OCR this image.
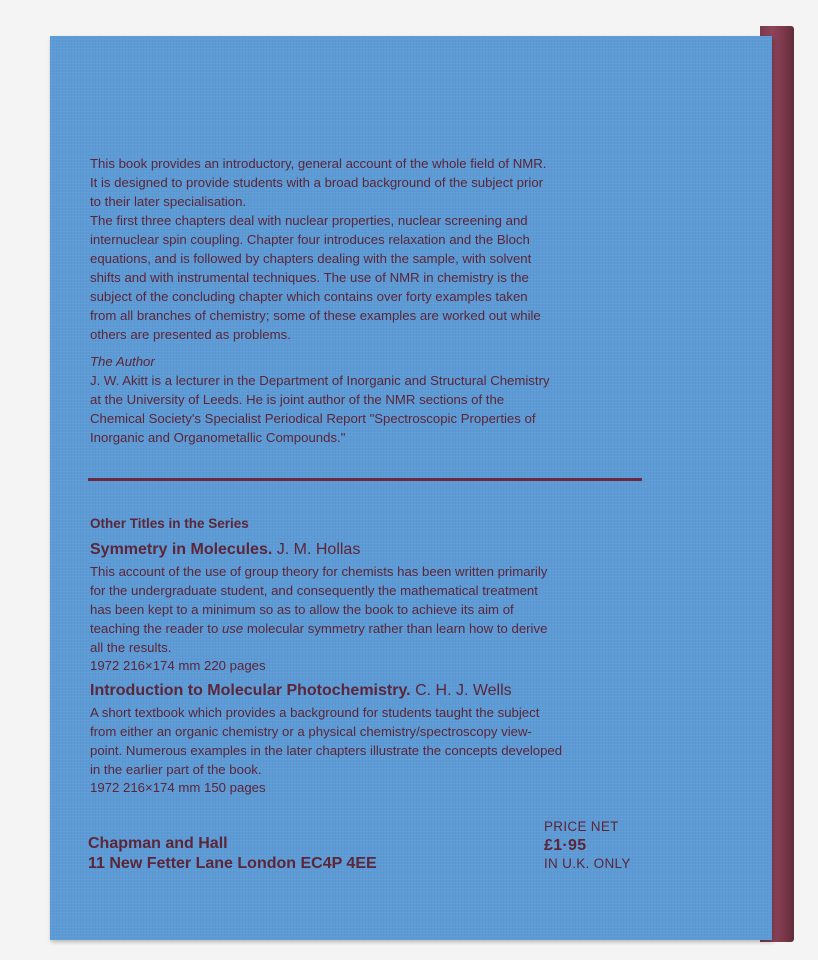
This book provides an introductory, general account of the whole field of NMR.
It is designed to provide students with a broad background of the subject prior
to their later specialisation.
The first three chapters deal with nuclear properties, nuclear screening and
internuclear spin coupling. Chapter four introduces relaxation and the Bloch
equations, and is followed by chapters dealing with the sample, with solvent
shifts and with instrumental techniques. The use of NMR in chemistry is the
subject of the concluding chapter which contains over forty examples taken
from all branches of chemistry; some of these examples are worked out while
others are presented as problems.
The Author
J. W. Akitt is a lecturer in the Department of Inorganic and Structural Chemistry
at the University of Leeds. He is joint author of the NMR sections of the
Chemical Society's Specialist Periodical Report "Spectroscopic Properties of
Inorganic and Organometallic Compounds."
Other Titles in the Series
Symmetry in Molecules. J. M. Hollas
This account of the use of group theory for chemists has been written primarily
for the undergraduate student, and consequently the mathematical treatment
has been kept to a minimum so as to allow the book to achieve its aim of
teaching the reader to use molecular symmetry rather than learn how to derive
all the results.
1972 216×174 mm 220 pages
Introduction to Molecular Photochemistry. C. H. J. Wells
A short textbook which provides a background for students taught the subject
from either an organic chemistry or a physical chemistry/spectroscopy view-
point. Numerous examples in the later chapters illustrate the concepts developed
in the earlier part of the book.
1972 216×174 mm 150 pages
Chapman and Hall
11 New Fetter Lane London EC4P 4EE
PRICE NET
£1·95
IN U.K. ONLY
